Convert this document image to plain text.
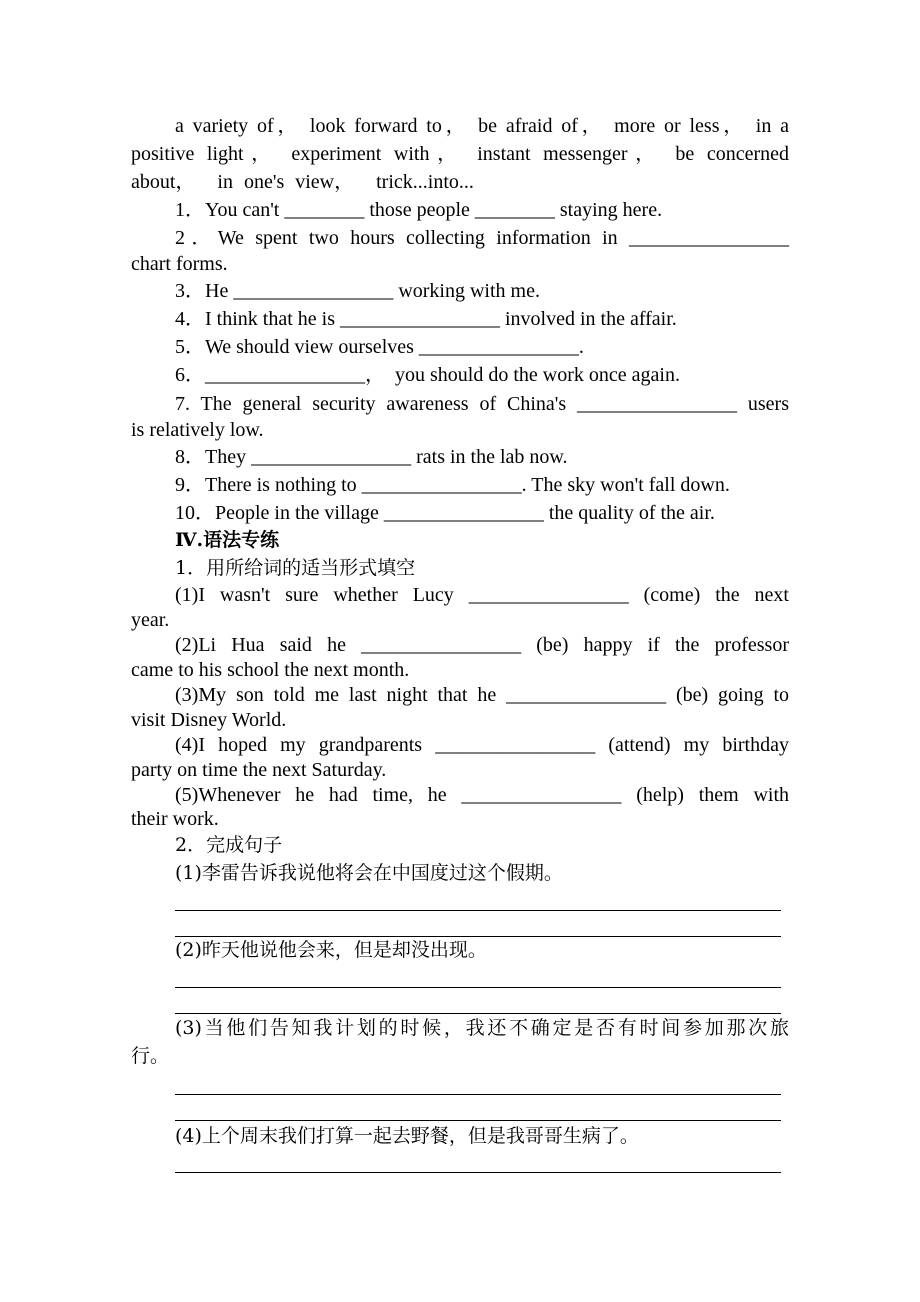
a variety of， look forward to， be afraid of， more or less， in a
positive light， experiment with， instant messenger， be concerned
about，  in one's view，  trick...into...
1．You can't ________ those people ________ staying here.
2．We spent two hours collecting information in ________________
chart forms.
3．He ________________ working with me.
4．I think that he is ________________ involved in the affair.
5．We should view ourselves ________________.
6．________________，  you should do the work once again.
7. The general security awareness of China's ________________ users
is relatively low.
8．They ________________ rats in the lab now.
9．There is nothing to ________________. The sky won't fall down.
10．People in the village ________________ the quality of the air.
Ⅳ.语法专练
1．用所给词的适当形式填空
(1)I wasn't sure whether Lucy ________________ (come) the next
year.
(2)Li Hua said he ________________ (be) happy if the professor
came to his school the next month.
(3)My son told me last night that he ________________ (be) going to
visit Disney World.
(4)I hoped my grandparents ________________ (attend) my birthday
party on time the next Saturday.
(5)Whenever he had time, he ________________ (help) them with
their work.
2．完成句子
(1)李雷告诉我说他将会在中国度过这个假期。
(2)昨天他说他会来，但是却没出现。
(3)当他们告知我计划的时候，我还不确定是否有时间参加那次旅
行。
(4)上个周末我们打算一起去野餐，但是我哥哥生病了。
